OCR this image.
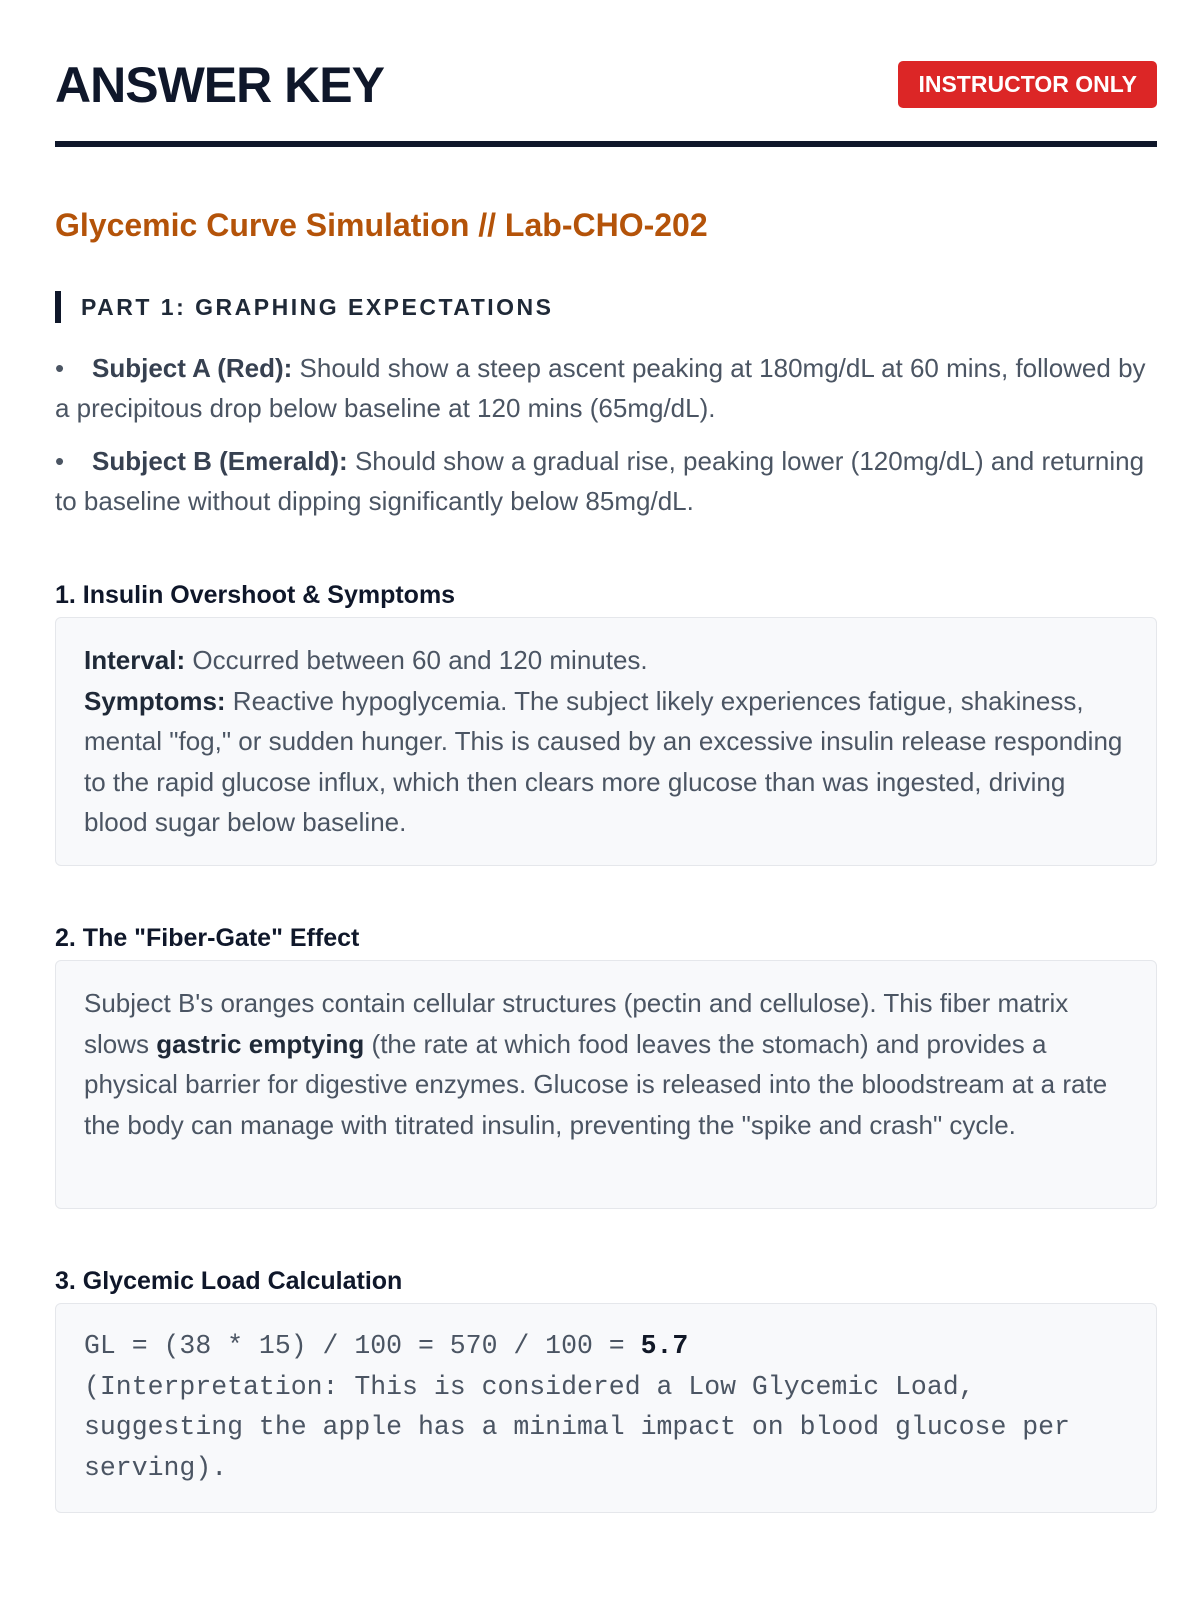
ANSWER KEY	INSTRUCTOR ONLY
Glycemic Curve Simulation // Lab-CHO-202
PART 1: GRAPHING EXPECTATIONS
• Subject A (Red): Should show a steep ascent peaking at 180mg/dL at 60 mins, followed by a precipitous drop below baseline at 120 mins (65mg/dL).
• Subject B (Emerald): Should show a gradual rise, peaking lower (120mg/dL) and returning to baseline without dipping significantly below 85mg/dL.
1. Insulin Overshoot & Symptoms

Interval: Occurred between 60 and 120 minutes.

Symptoms: Reactive hypoglycemia. The subject likely experiences fatigue, shakiness, mental "fog," or sudden hunger. This is caused by an excessive insulin release responding to the rapid glucose influx, which then clears more glucose than was ingested, driving blood sugar below baseline.

2. The "Fiber-Gate" Effect

Subject B's oranges contain cellular structures (pectin and cellulose). This fiber matrix slows gastric emptying (the rate at which food leaves the stomach) and provides a physical barrier for digestive enzymes. Glucose is released into the bloodstream at a rate the body can manage with titrated insulin, preventing the "spike and crash" cycle.

3. Glycemic Load Calculation

GL = (38 * 15) / 100 = 570 / 100 = 5.7

(Interpretation: This is considered a Low Glycemic Load, suggesting the apple has a minimal impact on blood glucose per serving).
